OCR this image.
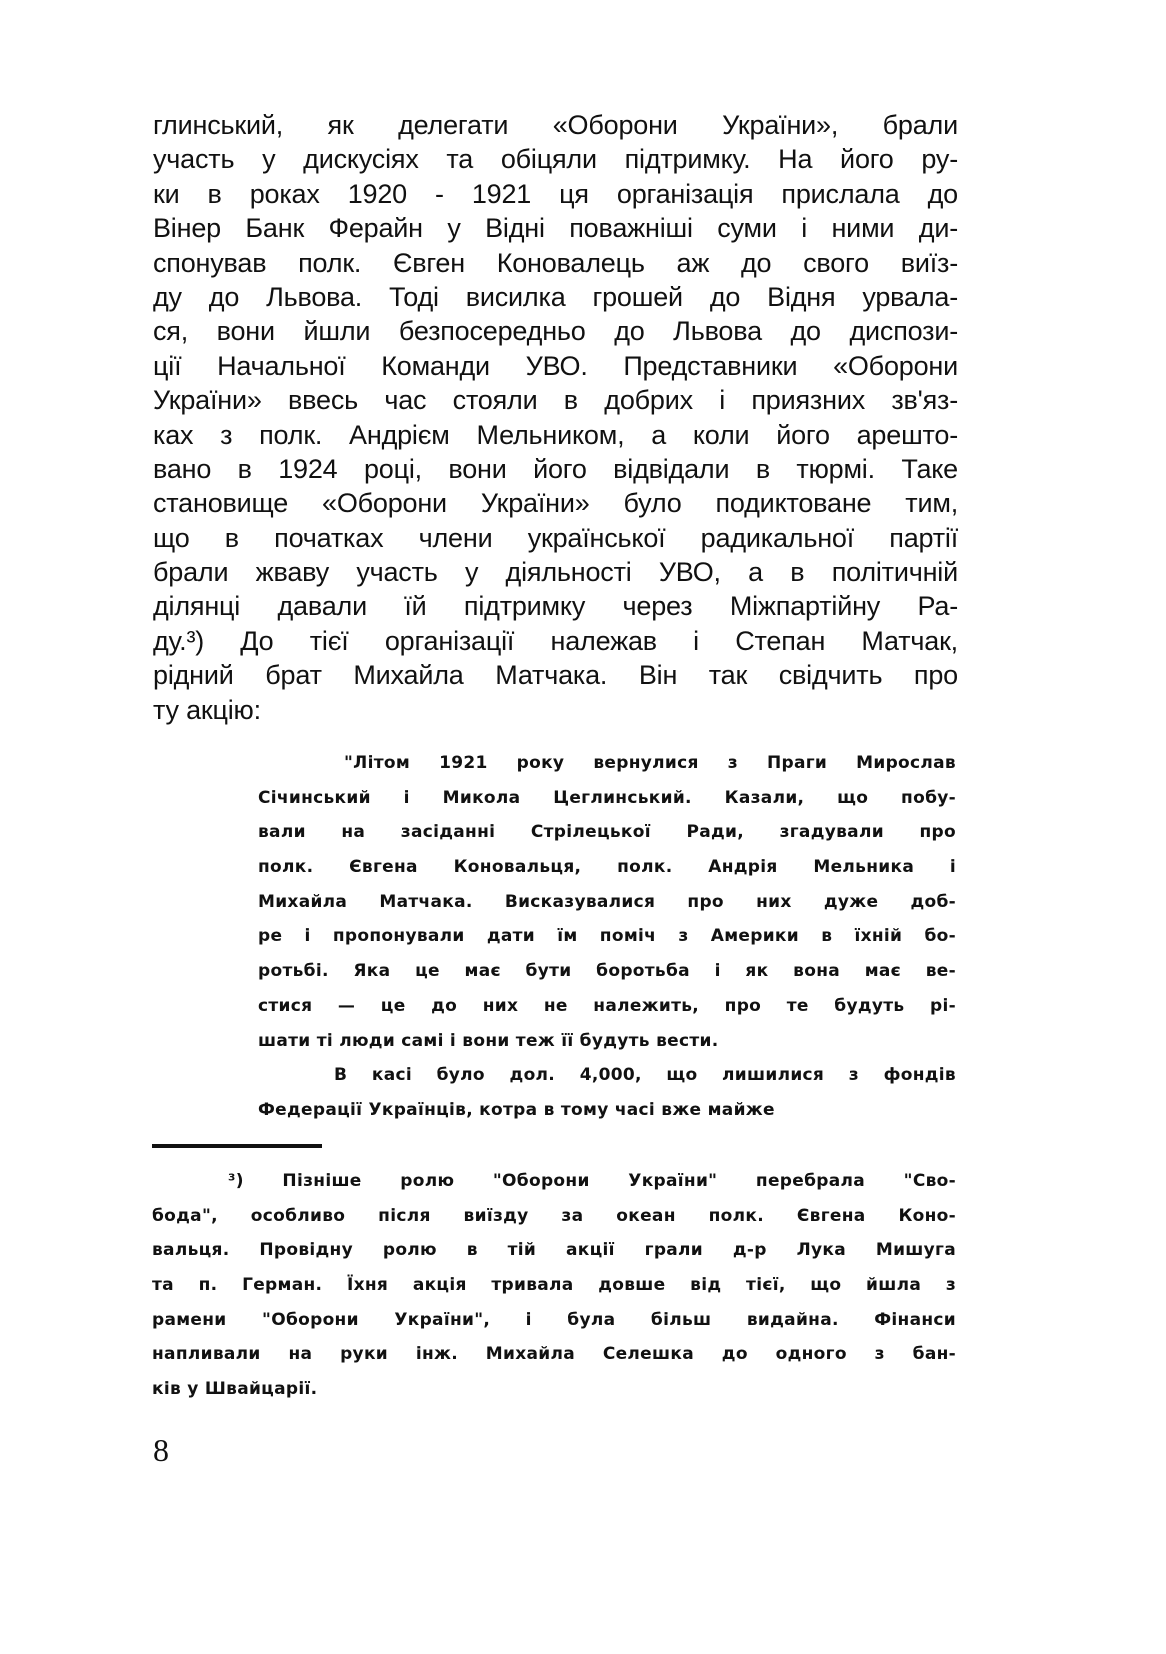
глинський, як делегати «Оборони України», брали
участь у дискусіях та обіцяли підтримку. На його ру-
ки в роках 1920 - 1921 ця організація прислала до
Вінер Банк Ферайн у Відні поважніші суми і ними ди-
спонував полк. Євген Коновалець аж до свого виїз-
ду до Львова. Тоді висилка грошей до Відня урвала-
ся, вони йшли безпосередньо до Львова до диспози-
ції Начальної Команди УВО. Представники «Оборони
України» ввесь час стояли в добрих і приязних зв'яз-
ках з полк. Андрієм Мельником, а коли його арешто-
вано в 1924 році, вони його відвідали в тюрмі. Таке
становище «Оборони України» було подиктоване тим,
що в початках члени української радикальної партії
брали жваву участь у діяльності УВО, а в політичній
ділянці давали їй підтримку через Міжпартійну Ра-
ду.³) До тієї організації належав і Степан Матчак,
рідний брат Михайла Матчака. Він так свідчить про
ту акцію:
"Літом 1921 року вернулися з Праги Мирослав
Січинський і Микола Цеглинський. Казали, що побу-
вали на засіданні Стрілецької Ради, згадували про
полк. Євгена Коновальця, полк. Андрія Мельника і
Михайла Матчака. Висказувалися про них дуже доб-
ре і пропонували дати їм поміч з Америки в їхній бо-
ротьбі. Яка це має бути боротьба і як вона має ве-
стися — це до них не належить, про те будуть рі-
шати ті люди самі і вони теж її будуть вести.
В касі було дол. 4,000, що лишилися з фондів
Федерації Українців, котра в тому часі вже майже
³) Пізніше ролю "Оборони України" перебрала "Сво-
бода", особливо після виїзду за океан полк. Євгена Коно-
вальця. Провідну ролю в тій акції грали д-р Лука Мишуга
та п. Герман. Їхня акція тривала довше від тієї, що йшла з
рамени "Оборони України", і була більш видайна. Фінанси
напливали на руки інж. Михайла Селешка до одного з бан-
ків у Швайцарії.
8
